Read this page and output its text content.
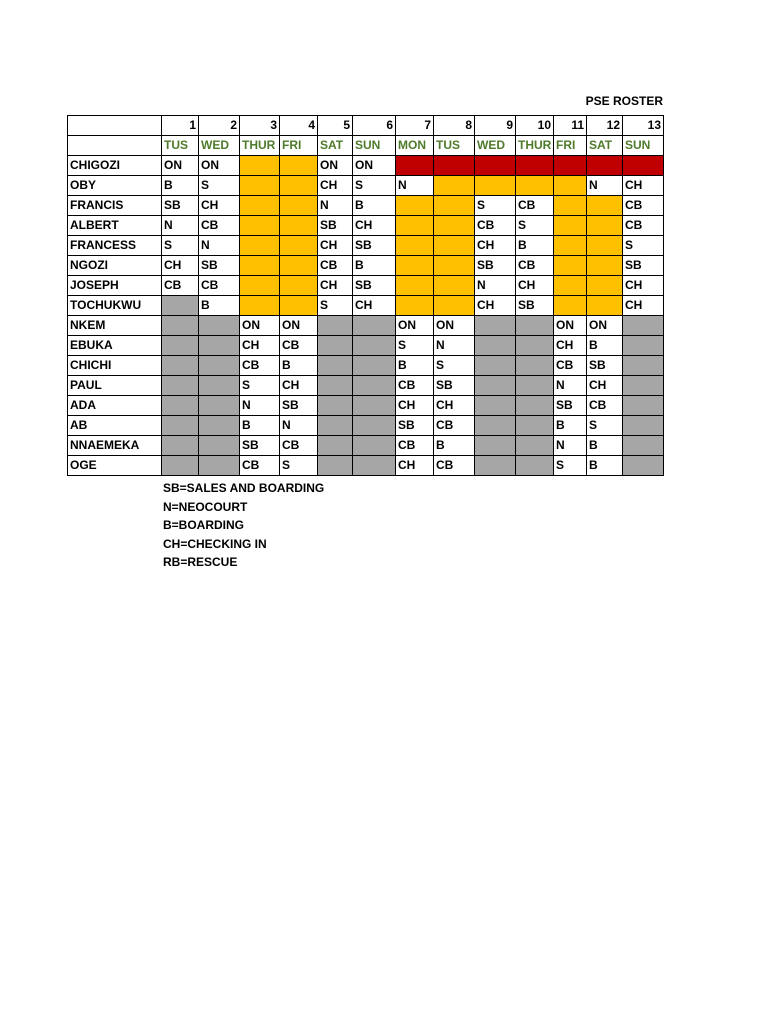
PSE ROSTER
	1	2	3	4	5	6	7	8	9	10	11	12	13
	TUS	WED	THUR	FRI	SAT	SUN	MON	TUS	WED	THUR	FRI	SAT	SUN
CHIGOZI	ON	ON			ON	ON							
OBY	B	S			CH	S	N					N	CH
FRANCIS	SB	CH			N	B			S	CB			CB
ALBERT	N	CB			SB	CH			CB	S			CB
FRANCESS	S	N			CH	SB			CH	B			S
NGOZI	CH	SB			CB	B			SB	CB			SB
JOSEPH	CB	CB			CH	SB			N	CH			CH
TOCHUKWU		B			S	CH			CH	SB			CH
NKEM			ON	ON			ON	ON			ON	ON	
EBUKA			CH	CB			S	N			CH	B	
CHICHI			CB	B			B	S			CB	SB	
PAUL			S	CH			CB	SB			N	CH	
ADA			N	SB			CH	CH			SB	CB	
AB			B	N			SB	CB			B	S	
NNAEMEKA			SB	CB			CB	B			N	B	
OGE			CB	S			CH	CB			S	B	
SB=SALES AND BOARDING
N=NEOCOURT
B=BOARDING
CH=CHECKING IN
RB=RESCUE
